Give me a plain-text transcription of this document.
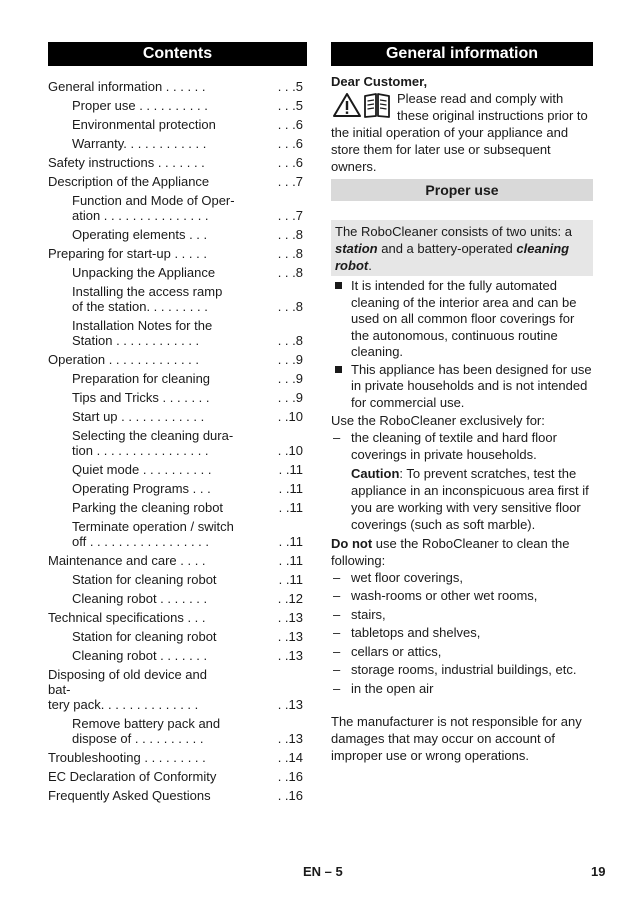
Contents
General information . . . . . .	. . .5
Proper use . . . . . . . . . .	. . .5
Environmental protection	. . .6
Warranty. . . . . . . . . . . .	. . .6
Safety instructions . . . . . . .	. . .6
Description of the Appliance	. . .7
Function and Mode of Oper-
ation . . . . . . . . . . . . . . .	. . .7
Operating elements . . .	. . .8
Preparing for start-up . . . . .	. . .8
Unpacking the Appliance	. . .8
Installing the access ramp
of the station. . . . . . . . .	. . .8
Installation Notes for the
Station . . . . . . . . . . . .	. . .8
Operation . . . . . . . . . . . . .	. . .9
Preparation for cleaning	. . .9
Tips and Tricks . . . . . . .	. . .9
Start up . . . . . . . . . . . .	. .10
Selecting the cleaning dura-
tion . . . . . . . . . . . . . . . .	. .10
Quiet mode . . . . . . . . . .	. .11
Operating Programs . . .	. .11
Parking the cleaning robot	. .11
Terminate operation / switch
off . . . . . . . . . . . . . . . . .	. .11
Maintenance and care . . . .	. .11
Station for cleaning robot	. .11
Cleaning robot . . . . . . .	. .12
Technical specifications . . .	. .13
Station for cleaning robot	. .13
Cleaning robot . . . . . . .	. .13
Disposing of old device and bat-
tery pack. . . . . . . . . . . . . .	. .13
Remove battery pack and
dispose of . . . . . . . . . .	. .13
Troubleshooting . . . . . . . . .	. .14
EC Declaration of Conformity	. .16
Frequently Asked Questions	. .16
General information
Dear Customer,
Please read and comply with these original instructions prior to the initial operation of your appliance and store them for later use or subsequent owners.
Proper use
The RoboCleaner consists of two units: a station and a battery-operated cleaning robot.
It is intended for the fully automated cleaning of the interior area and can be used on all common floor coverings for the autonomous, continuous routine cleaning.
This appliance has been designed for use in private households and is not intended for commercial use.
Use the RoboCleaner exclusively for:
– the cleaning of textile and hard floor coverings in private households.
Caution: To prevent scratches, test the appliance in an inconspicuous area first if you are working with very sensitive floor coverings (such as soft marble).
Do not use the RoboCleaner to clean the following:
– wet floor coverings,
– wash-rooms or other wet rooms,
– stairs,
– tabletops and shelves,
– cellars or attics,
– storage rooms, industrial buildings, etc.
– in the open air
The manufacturer is not responsible for any damages that may occur on account of improper use or wrong operations.
EN – 5	19
